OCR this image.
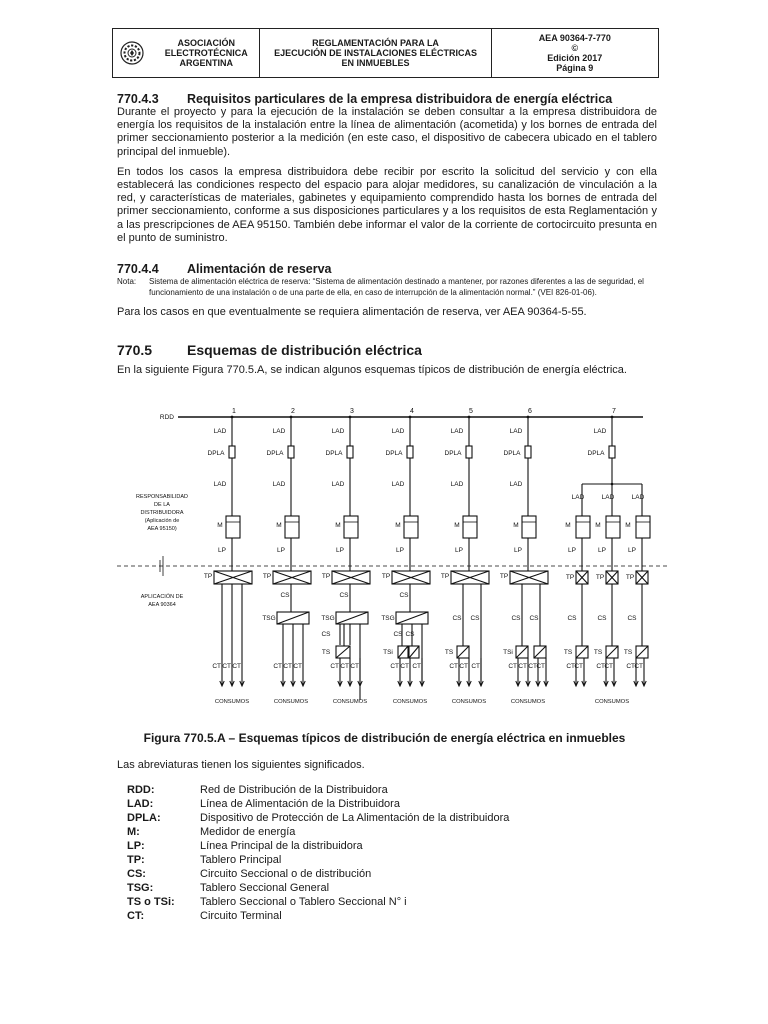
ASOCIACIÓN
ELECTROTÉCNICA
ARGENTINA
REGLAMENTACIÓN PARA LA
EJECUCIÓN DE INSTALACIONES ELÉCTRICAS
EN INMUEBLES
AEA 90364-7-770
©
Edición 2017
Página 9
770.4.3	Requisitos particulares de la empresa distribuidora de energía eléctrica

Durante el proyecto y para la ejecución de la instalación se deben consultar a la empresa distribuidora de energía los requisitos de la instalación entre la línea de alimentación (acometida) y los bornes de entrada del primer seccionamiento posterior a la medición (en este caso, el dispositivo de cabecera ubicado en el tablero principal del inmueble).

En todos los casos la empresa distribuidora debe recibir por escrito la solicitud del servicio y con ella establecerá las condiciones respecto del espacio para alojar medidores, su canalización de vinculación a la red, y características de materiales, gabinetes y equipamiento comprendido hasta los bornes de entrada del primer seccionamiento, conforme a sus disposiciones particulares y a los requisitos de esta Reglamentación y a las prescripciones de AEA 95150. También debe informar el valor de la corriente de cortocircuito presunta en el punto de suministro.

770.4.4	Alimentación de reserva
Nota:	Sistema de alimentación eléctrica de reserva: “Sistema de alimentación destinado a mantener, por razones diferentes a las de seguridad, el funcionamiento de una instalación o de una parte de ella, en caso de interrupción de la alimentación normal.” (VEI 826-01-06).

Para los casos en que eventualmente se requiera alimentación de reserva, ver AEA 90364-5-55.

770.5	Esquemas de distribución eléctrica

En la siguiente Figura 770.5.A, se indican algunos esquemas típicos de distribución de energía eléctrica.

RDD
RESPONSABILIDAD
DE LA
DISTRIBUIDORA
(Aplicación de
AEA 95150)
APLICACIÓN DE
AEA 90364
1
LAD
DPLA
LAD
M
LP
TP
CT CT CT
CONSUMOS
2
LAD
DPLA
LAD
M
LP
TP
CS
TSG
CT CT CT
CONSUMOS
3
LAD
DPLA
LAD
M
LP
TP
CS
TSG
CS
TS
CT CT CT
CONSUMOS
4
LAD
DPLA
LAD
M
LP
TP
CS
TSG
CS CS
TSi
CT CT CT
CONSUMOS
5
LAD
DPLA
LAD
M
LP
TP
CS CS
TS
CT CT CT
CONSUMOS
6
LAD
DPLA
LAD
M
LP
TP
CS CS
TSi
CT CT CT CT
CONSUMOS
7
LAD
DPLA
LAD
M
LP
TP
CS
TS
CT CT
LAD
M
LP
TP
CS
TS
CT CT
LAD
M
LP
TP
CS
TS
CT CT
CONSUMOS
Figura 770.5.A – Esquemas típicos de distribución de energía eléctrica en inmuebles

Las abreviaturas tienen los siguientes significados.

RDD:	Red de Distribución de la Distribuidora
LAD:	Línea de Alimentación de la Distribuidora
DPLA:	Dispositivo de Protección de La Alimentación de la distribuidora
M:	Medidor de energía
LP:	Línea Principal de la distribuidora
TP:	Tablero Principal
CS:	Circuito Seccional o de distribución
TSG:	Tablero Seccional General
TS o TSi:	Tablero Seccional o Tablero Seccional N° i
CT:	Circuito Terminal
